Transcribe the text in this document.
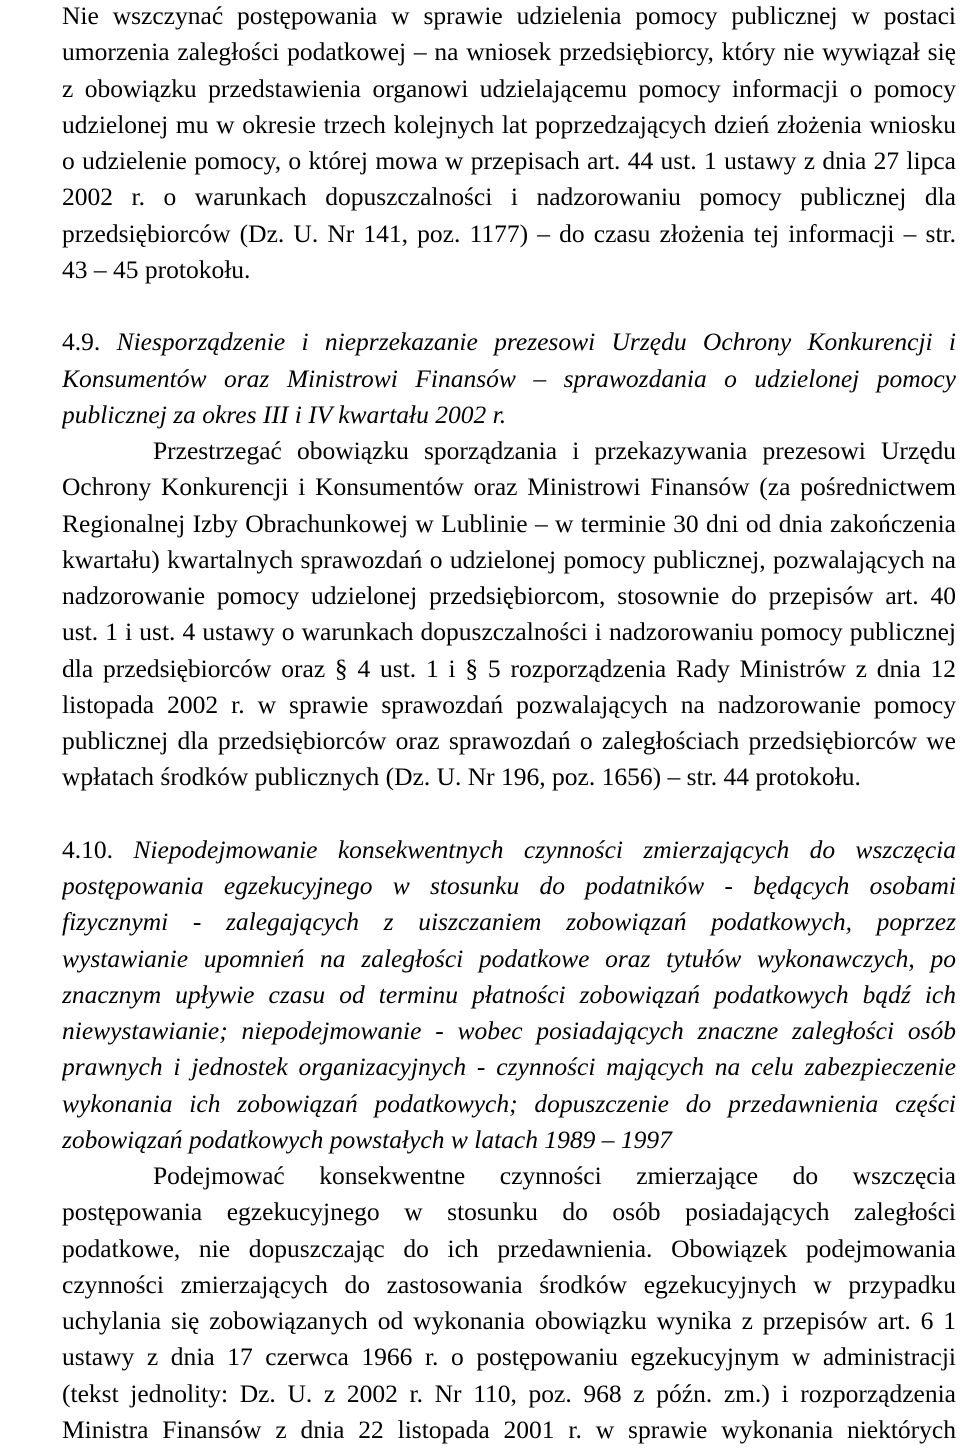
Nie wszczynać postępowania w sprawie udzielenia pomocy publicznej w postaci
umorzenia zaległości podatkowej – na wniosek przedsiębiorcy, który nie wywiązał się
z obowiązku przedstawienia organowi udzielającemu pomocy informacji o pomocy
udzielonej mu w okresie trzech kolejnych lat poprzedzających dzień złożenia wniosku
o udzielenie pomocy, o której mowa w przepisach art. 44 ust. 1 ustawy z dnia 27 lipca
2002 r. o warunkach dopuszczalności i nadzorowaniu pomocy publicznej dla
przedsiębiorców (Dz. U. Nr 141, poz. 1177) – do czasu złożenia tej informacji – str.
43 – 45 protokołu.
4.9. Niesporządzenie i nieprzekazanie prezesowi Urzędu Ochrony Konkurencji i
Konsumentów oraz Ministrowi Finansów – sprawozdania o udzielonej pomocy
publicznej za okres III i IV kwartału 2002 r.
Przestrzegać obowiązku sporządzania i przekazywania prezesowi Urzędu
Ochrony Konkurencji i Konsumentów oraz Ministrowi Finansów (za pośrednictwem
Regionalnej Izby Obrachunkowej w Lublinie – w terminie 30 dni od dnia zakończenia
kwartału) kwartalnych sprawozdań o udzielonej pomocy publicznej, pozwalających na
nadzorowanie pomocy udzielonej przedsiębiorcom, stosownie do przepisów art. 40
ust. 1 i ust. 4 ustawy o warunkach dopuszczalności i nadzorowaniu pomocy publicznej
dla przedsiębiorców oraz § 4 ust. 1 i § 5 rozporządzenia Rady Ministrów z dnia 12
listopada 2002 r. w sprawie sprawozdań pozwalających na nadzorowanie pomocy
publicznej dla przedsiębiorców oraz sprawozdań o zaległościach przedsiębiorców we
wpłatach środków publicznych (Dz. U. Nr 196, poz. 1656) – str. 44 protokołu.
4.10. Niepodejmowanie konsekwentnych czynności zmierzających do wszczęcia
postępowania egzekucyjnego w stosunku do podatników - będących osobami
fizycznymi - zalegających z uiszczaniem zobowiązań podatkowych, poprzez
wystawianie upomnień na zaległości podatkowe oraz tytułów wykonawczych, po
znacznym upływie czasu od terminu płatności zobowiązań podatkowych bądź ich
niewystawianie; niepodejmowanie - wobec posiadających znaczne zaległości osób
prawnych i jednostek organizacyjnych - czynności mających na celu zabezpieczenie
wykonania ich zobowiązań podatkowych; dopuszczenie do przedawnienia części
zobowiązań podatkowych powstałych w latach 1989 – 1997
Podejmować konsekwentne czynności zmierzające do wszczęcia
postępowania egzekucyjnego w stosunku do osób posiadających zaległości
podatkowe, nie dopuszczając do ich przedawnienia. Obowiązek podejmowania
czynności zmierzających do zastosowania środków egzekucyjnych w przypadku
uchylania się zobowiązanych od wykonania obowiązku wynika z przepisów art. 6 1
ustawy z dnia 17 czerwca 1966 r. o postępowaniu egzekucyjnym w administracji
(tekst jednolity: Dz. U. z 2002 r. Nr 110, poz. 968 z późn. zm.) i rozporządzenia
Ministra Finansów z dnia 22 listopada 2001 r. w sprawie wykonania niektórych
